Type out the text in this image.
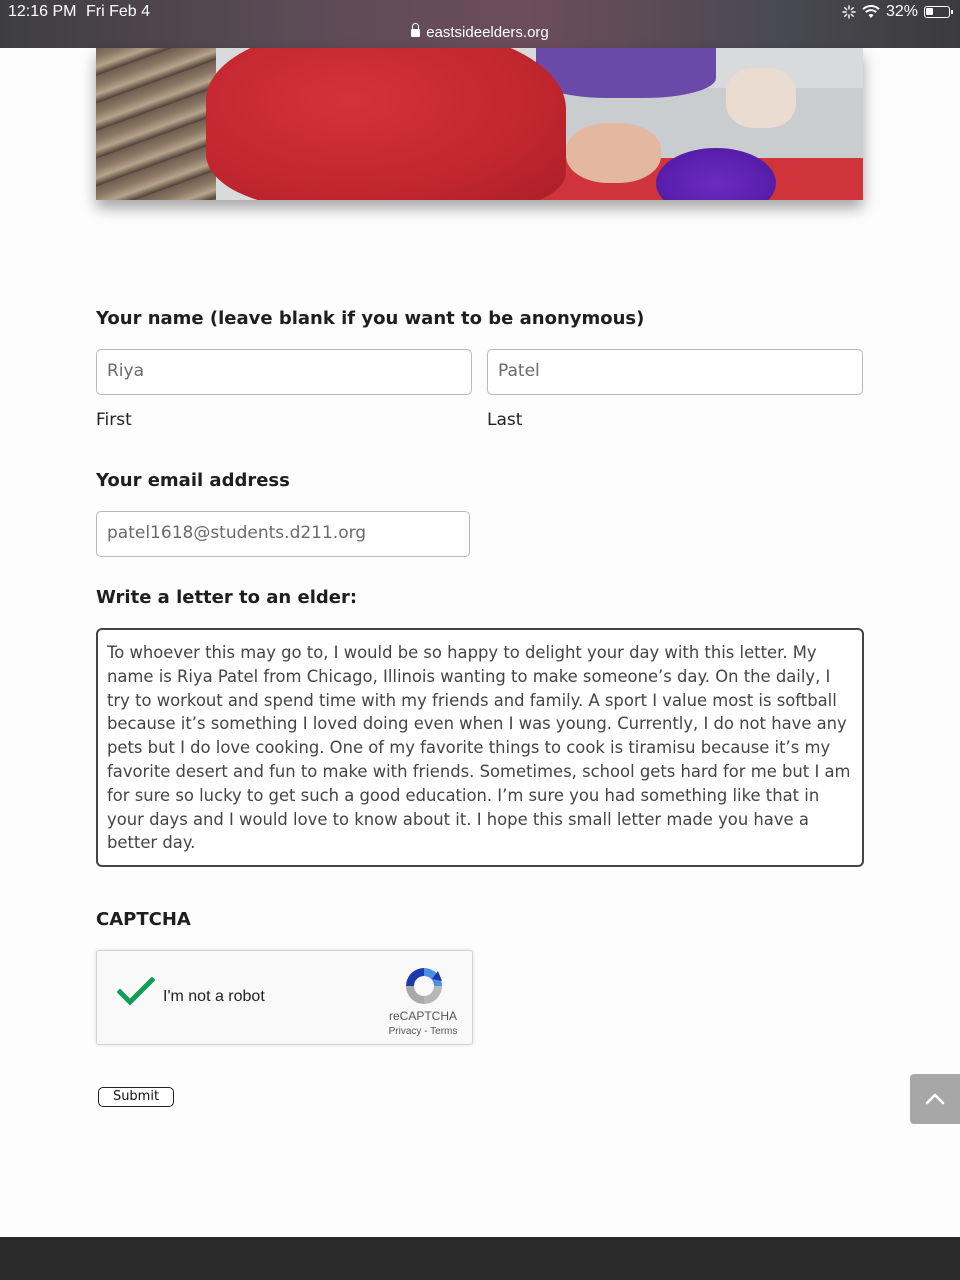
12:16 PM Fri Feb 4	32%
eastsideelders.org
Your name (leave blank if you want to be anonymous)
Riya	Patel
First	Last
Your email address
patel1618@students.d211.org
Write a letter to an elder:
To whoever this may go to, I would be so happy to delight your day with this letter. My name is Riya Patel from Chicago, Illinois wanting to make someone’s day. On the daily, I try to workout and spend time with my friends and family. A sport I value most is softball because it’s something I loved doing even when I was young. Currently, I do not have any pets but I do love cooking. One of my favorite things to cook is tiramisu because it’s my favorite desert and fun to make with friends. Sometimes, school gets hard for me but I am for sure so lucky to get such a good education. I’m sure you had something like that in your days and I would love to know about it. I hope this small letter made you have a better day.
CAPTCHA
I'm not a robot
reCAPTCHA
Privacy - Terms
Submit
